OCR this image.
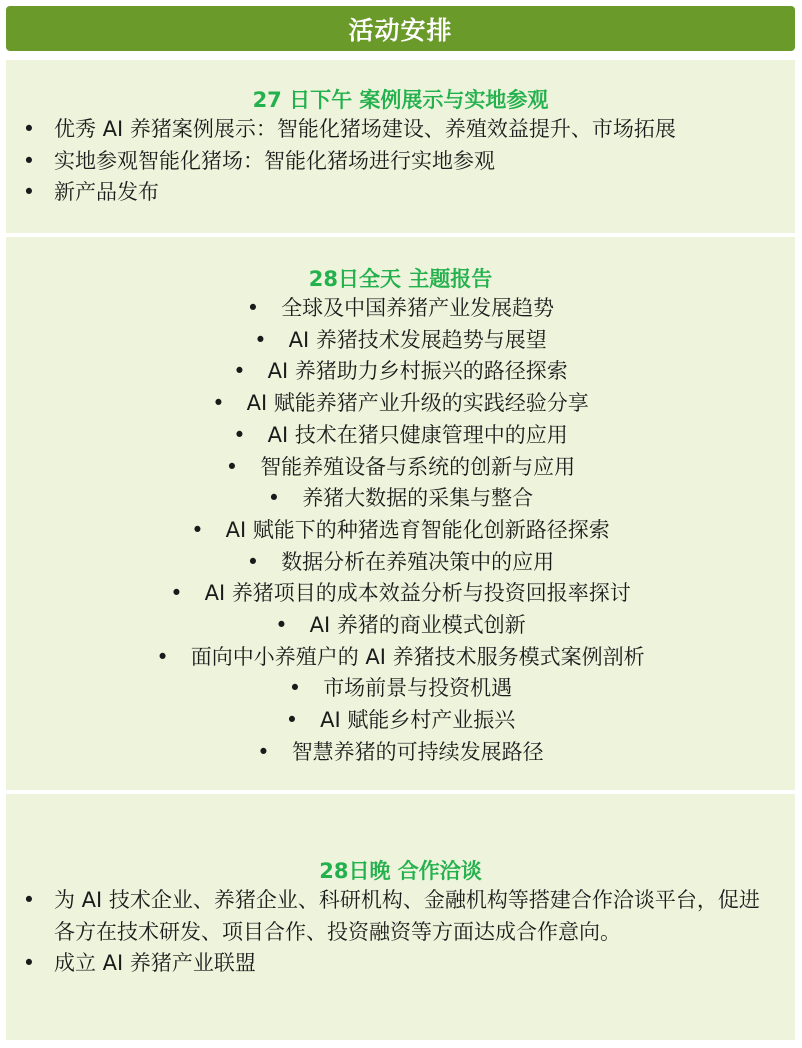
活动安排

27 日下午 案例展示与实地参观

• 优秀 AI 养猪案例展示：智能化猪场建设、养殖效益提升、市场拓展
• 实地参观智能化猪场：智能化猪场进行实地参观
• 新产品发布

28日全天 主题报告

• 全球及中国养猪产业发展趋势
• AI 养猪技术发展趋势与展望
• AI 养猪助力乡村振兴的路径探索
• AI 赋能养猪产业升级的实践经验分享
• AI 技术在猪只健康管理中的应用
• 智能养殖设备与系统的创新与应用
• 养猪大数据的采集与整合
• AI 赋能下的种猪选育智能化创新路径探索
• 数据分析在养殖决策中的应用
• AI 养猪项目的成本效益分析与投资回报率探讨
• AI 养猪的商业模式创新
• 面向中小养殖户的 AI 养猪技术服务模式案例剖析
• 市场前景与投资机遇
• AI 赋能乡村产业振兴
• 智慧养猪的可持续发展路径

28日晚 合作洽谈

• 为 AI 技术企业、养猪企业、科研机构、金融机构等搭建合作洽谈平台，促进各方在技术研发、项目合作、投资融资等方面达成合作意向。
• 成立 AI 养猪产业联盟
